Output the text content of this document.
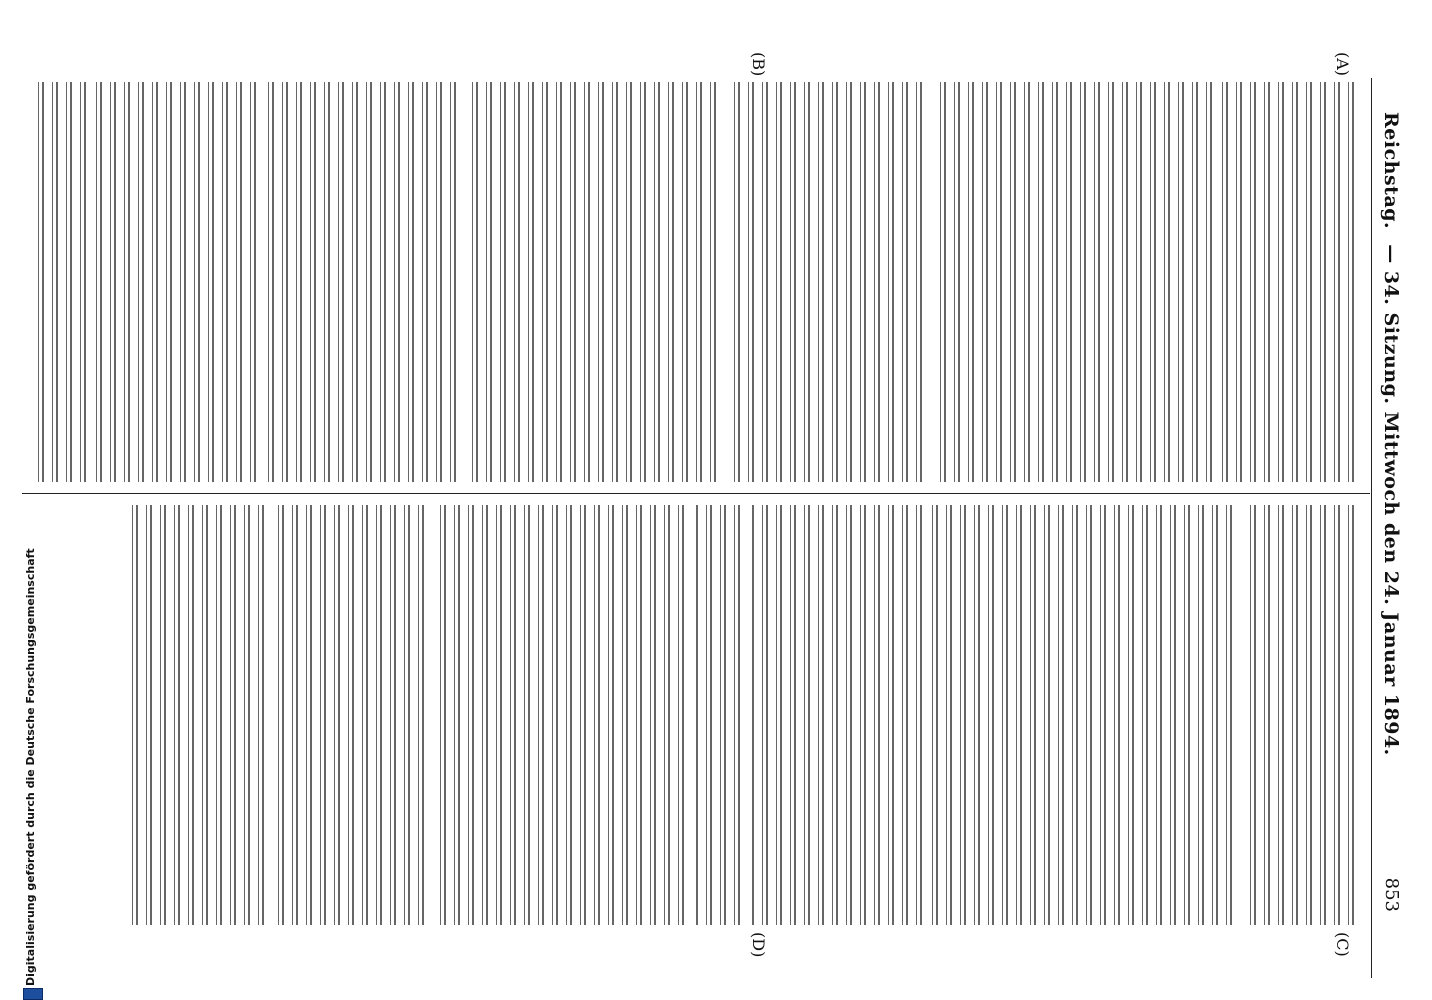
Reichstag.
— 34. Sitzung. Mittwoch den 24. Januar 1894.
853
(A)
(B)
(C)
(D)
Digitalisierung gefördert durch die Deutsche Forschungsgemeinschaft
